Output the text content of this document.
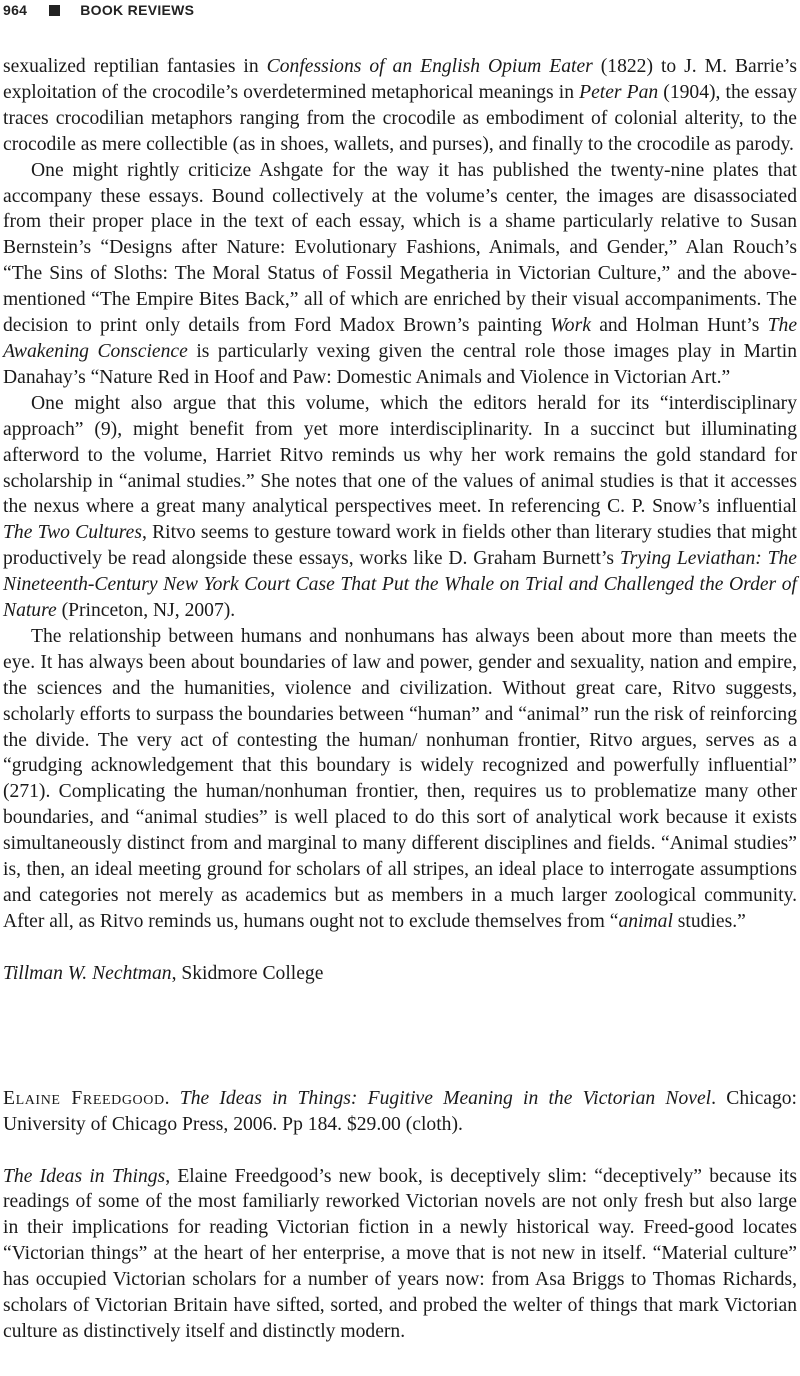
964	BOOK REVIEWS

sexualized reptilian fantasies in Confessions of an English Opium Eater (1822) to J. M. Barrie’s exploitation of the crocodile’s overdetermined metaphorical meanings in Peter Pan (1904), the essay traces crocodilian metaphors ranging from the crocodile as embodiment of colonial alterity, to the crocodile as mere collectible (as in shoes, wallets, and purses), and finally to the crocodile as parody.

One might rightly criticize Ashgate for the way it has published the twenty-nine plates that accompany these essays. Bound collectively at the volume’s center, the images are disassociated from their proper place in the text of each essay, which is a shame particularly relative to Susan Bernstein’s “Designs after Nature: Evolutionary Fashions, Animals, and Gender,” Alan Rouch’s “The Sins of Sloths: The Moral Status of Fossil Megatheria in Victorian Culture,” and the above-mentioned “The Empire Bites Back,” all of which are enriched by their visual accompaniments. The decision to print only details from Ford Madox Brown’s painting Work and Holman Hunt’s The Awakening Conscience is particularly vexing given the central role those images play in Martin Danahay’s “Nature Red in Hoof and Paw: Domestic Animals and Violence in Victorian Art.”

One might also argue that this volume, which the editors herald for its “interdisciplinary approach” (9), might benefit from yet more interdisciplinarity. In a succinct but illuminating afterword to the volume, Harriet Ritvo reminds us why her work remains the gold standard for scholarship in “animal studies.” She notes that one of the values of animal studies is that it accesses the nexus where a great many analytical perspectives meet. In referencing C. P. Snow’s influential The Two Cultures, Ritvo seems to gesture toward work in fields other than literary studies that might productively be read alongside these essays, works like D. Graham Burnett’s Trying Leviathan: The Nineteenth-Century New York Court Case That Put the Whale on Trial and Challenged the Order of Nature (Princeton, NJ, 2007).

The relationship between humans and nonhumans has always been about more than meets the eye. It has always been about boundaries of law and power, gender and sexuality, nation and empire, the sciences and the humanities, violence and civilization. Without great care, Ritvo suggests, scholarly efforts to surpass the boundaries between “human” and “animal” run the risk of reinforcing the divide. The very act of contesting the human/ nonhuman frontier, Ritvo argues, serves as a “grudging acknowledgement that this boundary is widely recognized and powerfully influential” (271). Complicating the human/nonhuman frontier, then, requires us to problematize many other boundaries, and “animal studies” is well placed to do this sort of analytical work because it exists simultaneously distinct from and marginal to many different disciplines and fields. “Animal studies” is, then, an ideal meeting ground for scholars of all stripes, an ideal place to interrogate assumptions and categories not merely as academics but as members in a much larger zoological community. After all, as Ritvo reminds us, humans ought not to exclude themselves from “animal studies.”

Tillman W. Nechtman, Skidmore College

Elaine Freedgood. The Ideas in Things: Fugitive Meaning in the Victorian Novel. Chicago: University of Chicago Press, 2006. Pp 184. $29.00 (cloth).

The Ideas in Things, Elaine Freedgood’s new book, is deceptively slim: “deceptively” because its readings of some of the most familiarly reworked Victorian novels are not only fresh but also large in their implications for reading Victorian fiction in a newly historical way. Freed-good locates “Victorian things” at the heart of her enterprise, a move that is not new in itself. “Material culture” has occupied Victorian scholars for a number of years now: from Asa Briggs to Thomas Richards, scholars of Victorian Britain have sifted, sorted, and probed the welter of things that mark Victorian culture as distinctively itself and distinctly modern.
